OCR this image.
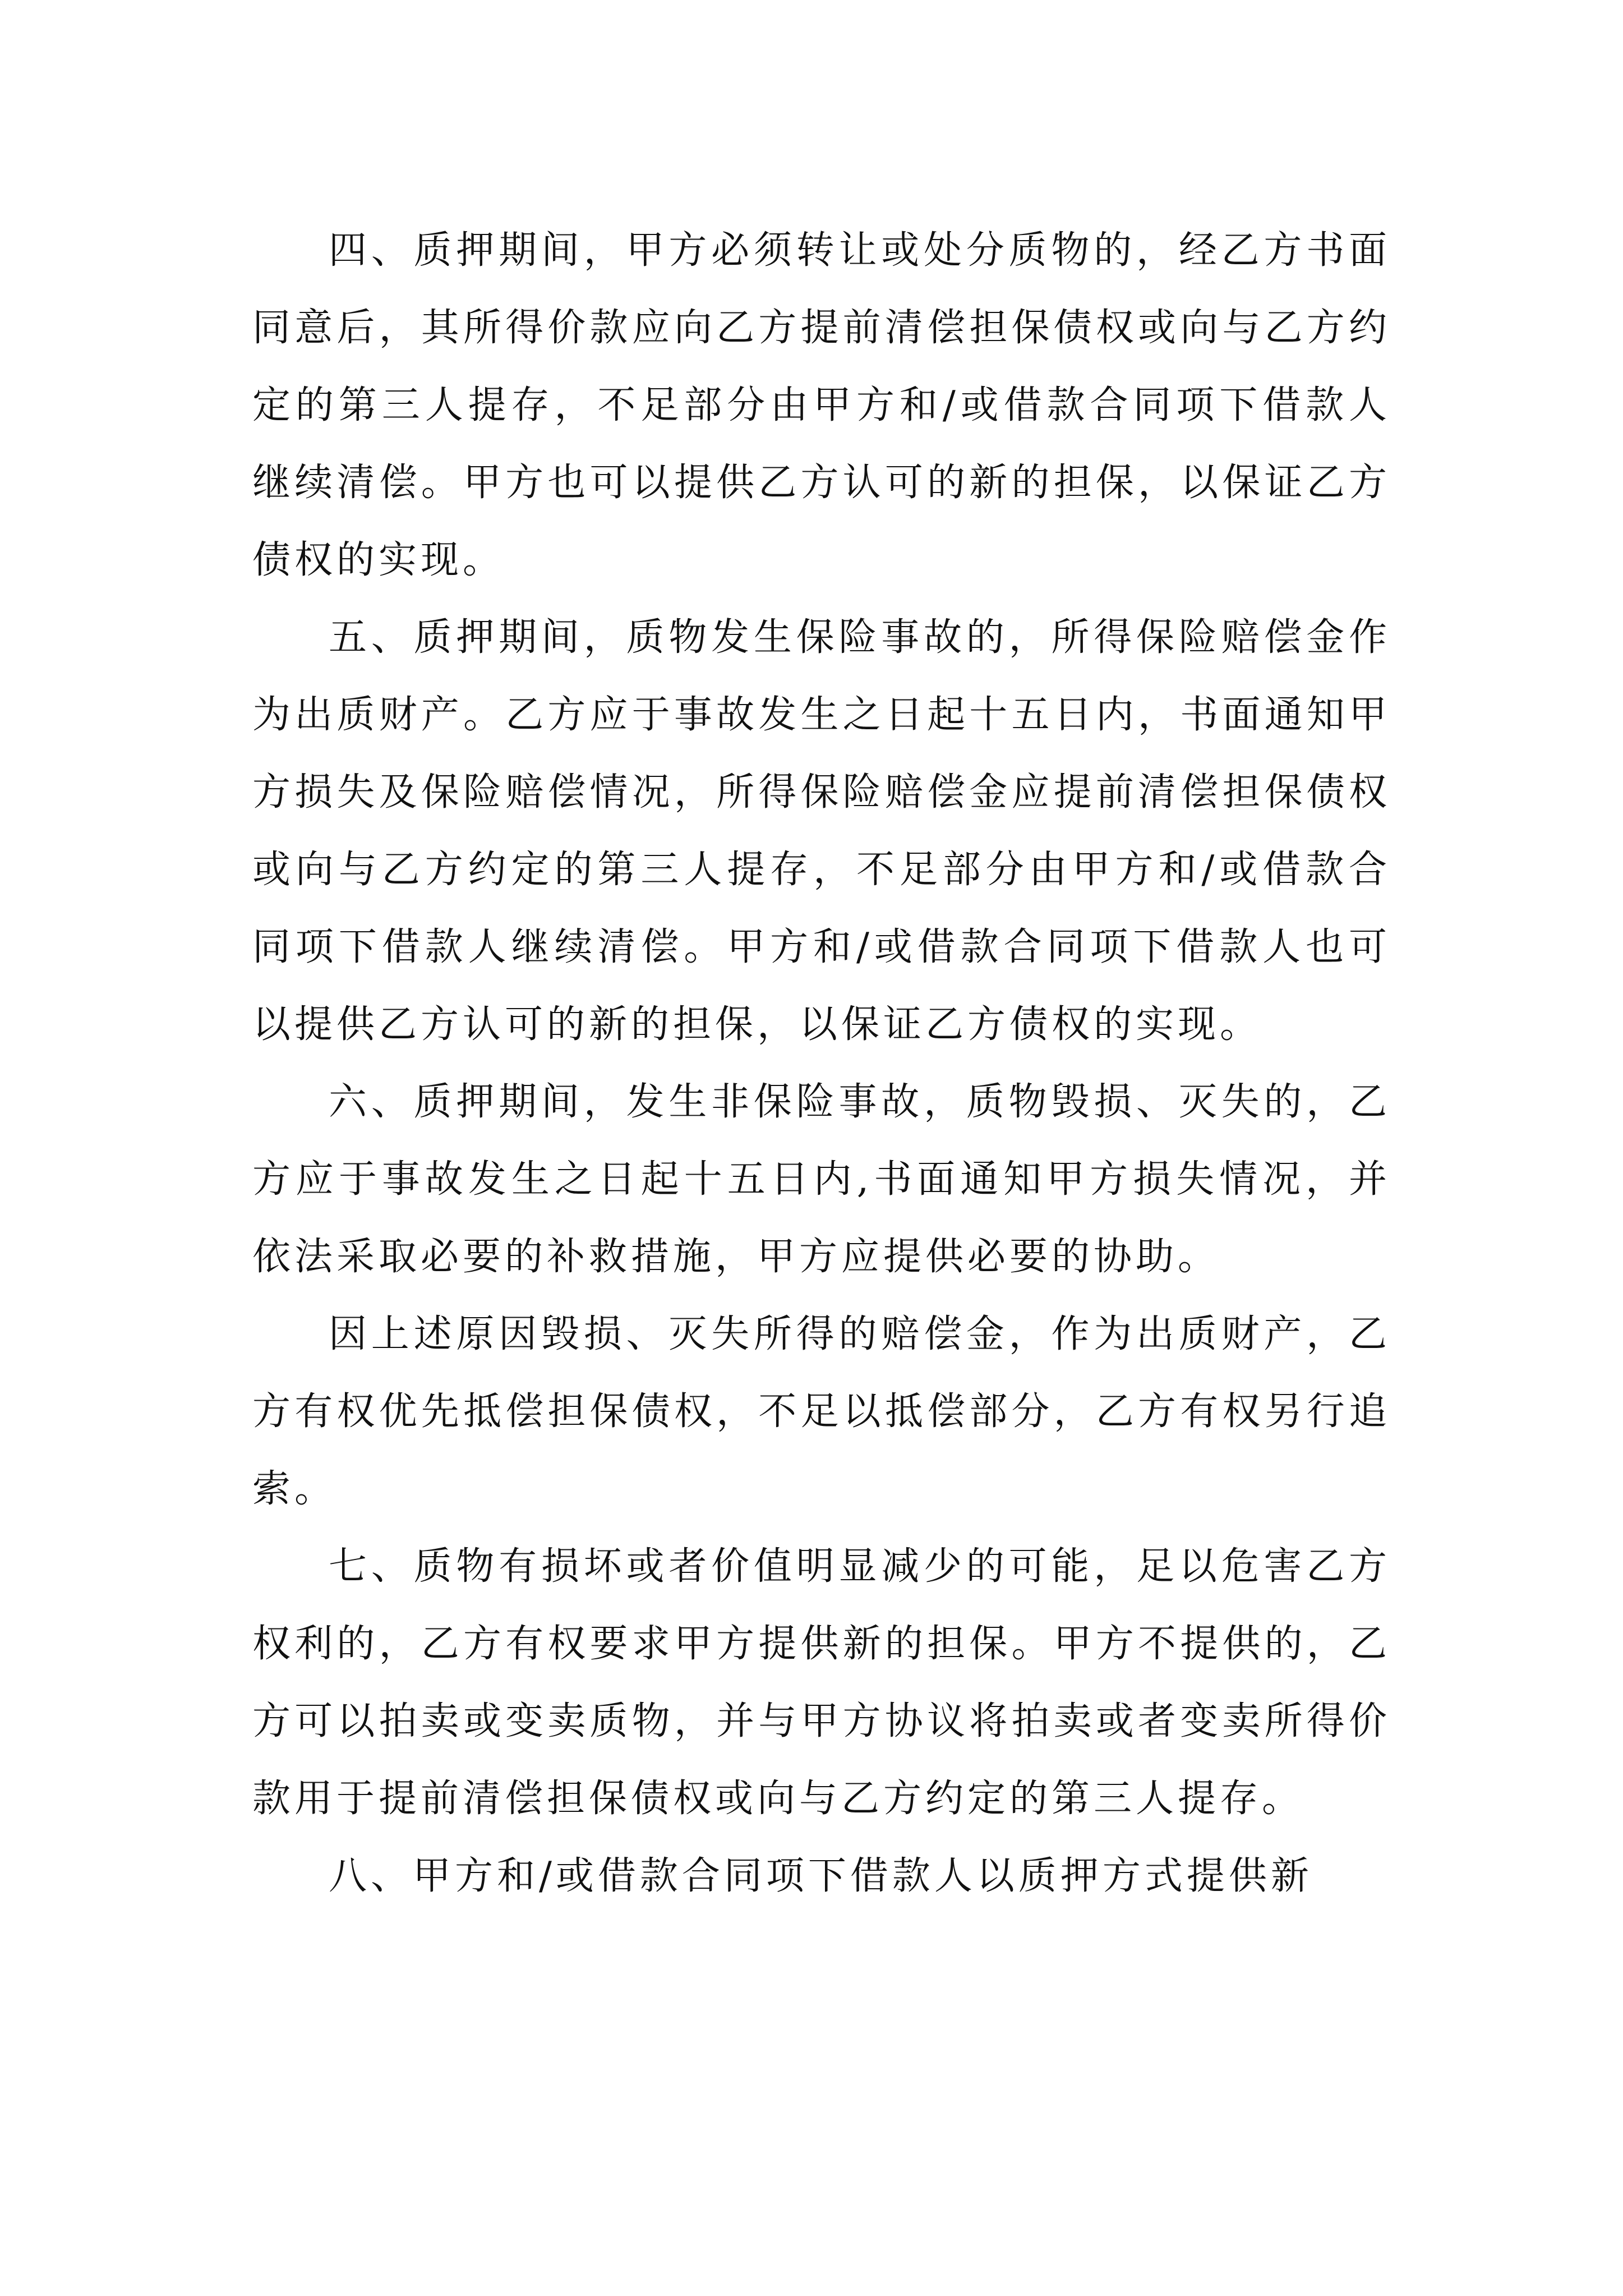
四、质押期间，甲方必须转让或处分质物的，经乙方书面同意后，其所得价款应向乙方提前清偿担保债权或向与乙方约定的第三人提存，不足部分由甲方和/或借款合同项下借款人继续清偿。甲方也可以提供乙方认可的新的担保，以保证乙方债权的实现。

五、质押期间，质物发生保险事故的，所得保险赔偿金作为出质财产。乙方应于事故发生之日起十五日内，书面通知甲方损失及保险赔偿情况，所得保险赔偿金应提前清偿担保债权或向与乙方约定的第三人提存，不足部分由甲方和/或借款合同项下借款人继续清偿。甲方和/或借款合同项下借款人也可以提供乙方认可的新的担保，以保证乙方债权的实现。

六、质押期间，发生非保险事故，质物毁损、灭失的，乙方应于事故发生之日起十五日内,书面通知甲方损失情况，并依法采取必要的补救措施，甲方应提供必要的协助。

因上述原因毁损、灭失所得的赔偿金，作为出质财产，乙方有权优先抵偿担保债权，不足以抵偿部分，乙方有权另行追索。

七、质物有损坏或者价值明显减少的可能，足以危害乙方权利的，乙方有权要求甲方提供新的担保。甲方不提供的，乙方可以拍卖或变卖质物，并与甲方协议将拍卖或者变卖所得价款用于提前清偿担保债权或向与乙方约定的第三人提存。

八、甲方和/或借款合同项下借款人以质押方式提供新
